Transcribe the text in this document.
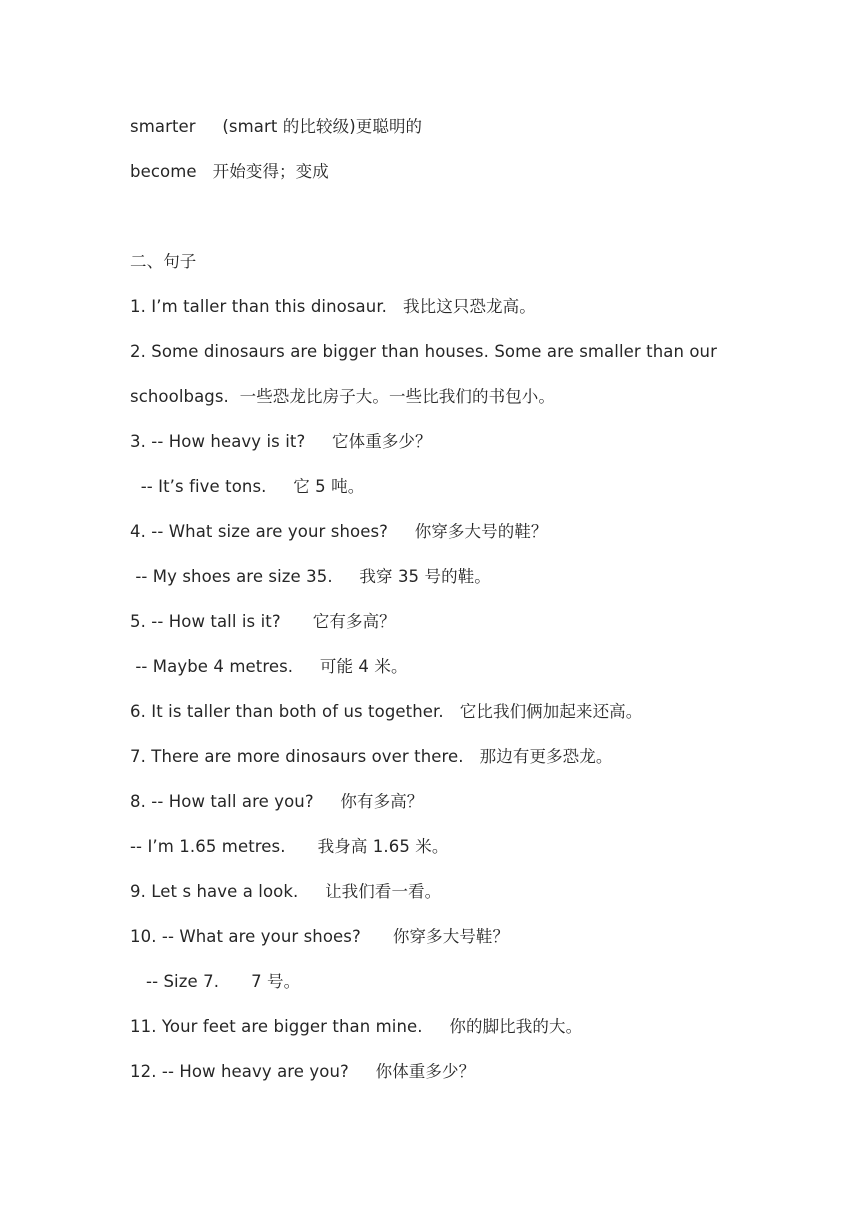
smarter     (smart 的比较级)更聪明的
become   开始变得；变成
二、句子
1. I’m taller than this dinosaur.   我比这只恐龙高。
2. Some dinosaurs are bigger than houses. Some are smaller than our
schoolbags.  一些恐龙比房子大。一些比我们的书包小。
3. -- How heavy is it?     它体重多少？
-- It’s five tons.     它 5 吨。
4. -- What size are your shoes?     你穿多大号的鞋？
-- My shoes are size 35.     我穿 35 号的鞋。
5. -- How tall is it?      它有多高？
-- Maybe 4 metres.     可能 4 米。
6. It is taller than both of us together.   它比我们俩加起来还高。
7. There are more dinosaurs over there.   那边有更多恐龙。
8. -- How tall are you?     你有多高？
-- I’m 1.65 metres.      我身高 1.65 米。
9. Let s have a look.     让我们看一看。
10. -- What are your shoes?      你穿多大号鞋？
-- Size 7.      7 号。
11. Your feet are bigger than mine.     你的脚比我的大。
12. -- How heavy are you?     你体重多少？
